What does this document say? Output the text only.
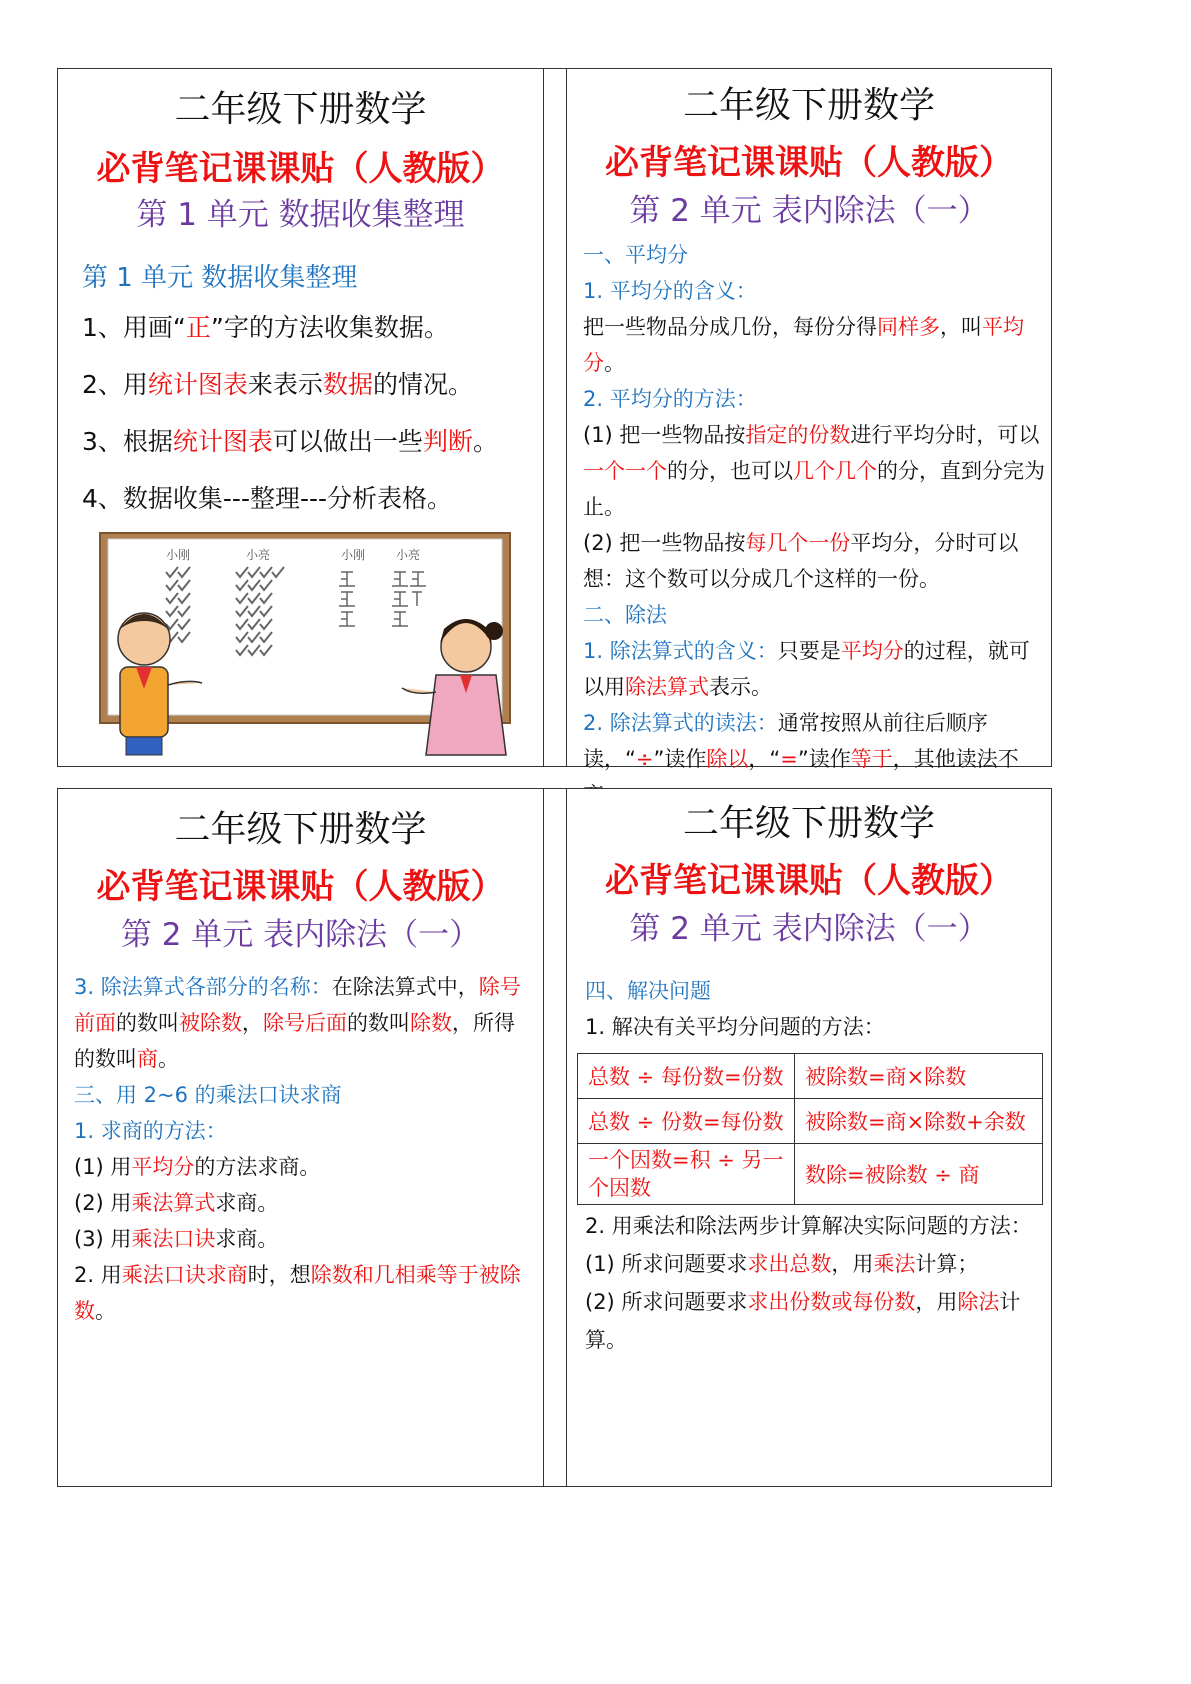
二年级下册数学
必背笔记课课贴（人教版）
第 1 单元 数据收集整理
第 1 单元 数据收集整理
1、用画“正”字的方法收集数据。
2、用统计图表来表示数据的情况。
3、根据统计图表可以做出一些判断。
4、数据收集---整理---分析表格。
小刚	小亮	小刚	小亮
二年级下册数学
必背笔记课课贴（人教版）
第 2 单元 表内除法（一）
一、平均分
1. 平均分的含义：
把一些物品分成几份，每份分得同样多，叫平均分。
2. 平均分的方法：
(1) 把一些物品按指定的份数进行平均分时，可以一个一个的分，也可以几个几个的分，直到分完为止。
(2) 把一些物品按每几个一份平均分，分时可以想：这个数可以分成几个这样的一份。
二、除法
1. 除法算式的含义：只要是平均分的过程，就可以用除法算式表示。
2. 除法算式的读法：通常按照从前往后顺序读，“÷”读作除以，“=”读作等于，其他读法不
二年级下册数学
必背笔记课课贴（人教版）
第 2 单元 表内除法（一）
3. 除法算式各部分的名称：在除法算式中，除号前面的数叫被除数，除号后面的数叫除数，所得的数叫商。
三、用 2~6 的乘法口诀求商
1. 求商的方法：
(1) 用平均分的方法求商。
(2) 用乘法算式求商。
(3) 用乘法口诀求商。
2. 用乘法口诀求商时，想除数和几相乘等于被除数。
二年级下册数学
必背笔记课课贴（人教版）
第 2 单元 表内除法（一）
四、解决问题
1. 解决有关平均分问题的方法：
总数 ÷ 每份数=份数	被除数=商×除数
总数 ÷ 份数=每份数	被除数=商×除数+余数
一个因数=积 ÷ 另一个因数	数除=被除数 ÷ 商
2. 用乘法和除法两步计算解决实际问题的方法：
(1) 所求问题要求求出总数，用乘法计算；
(2) 所求问题要求求出份数或每份数，用除法计算。
